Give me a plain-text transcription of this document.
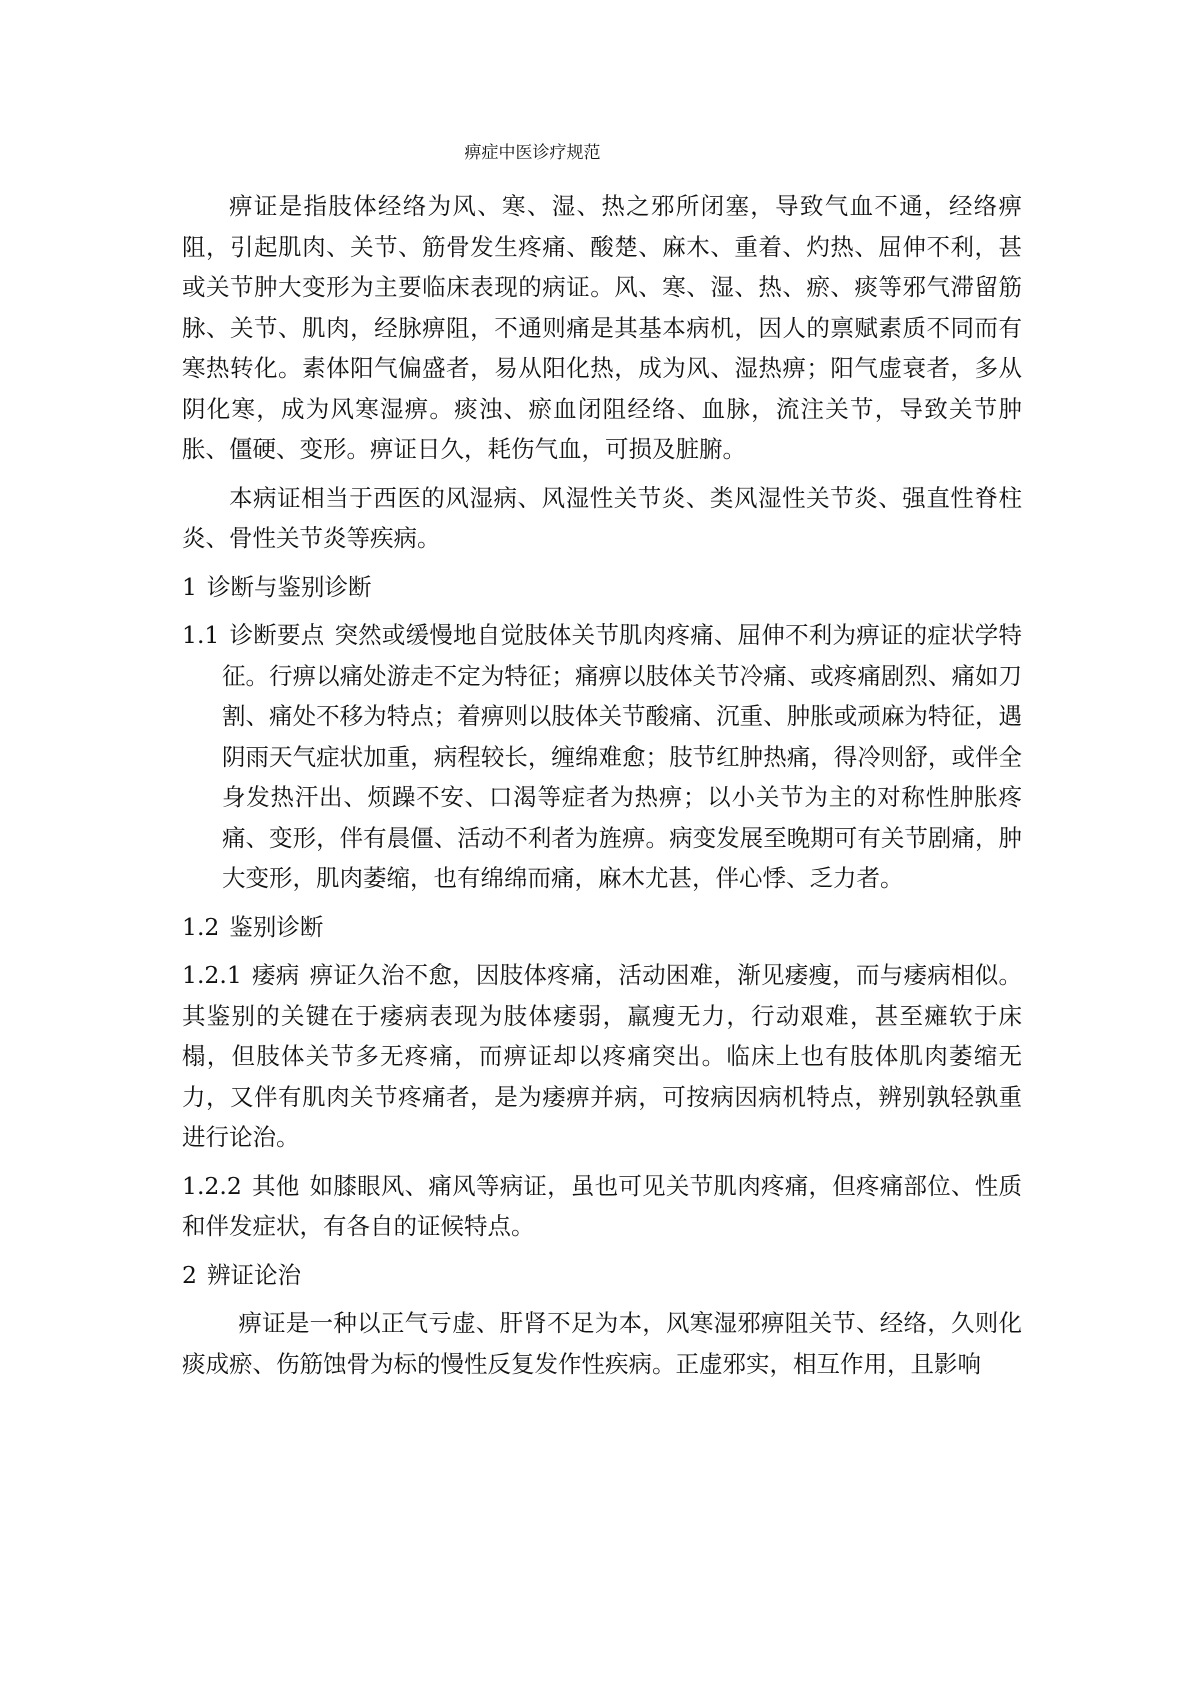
痹症中医诊疗规范

痹证是指肢体经络为风、寒、湿、热之邪所闭塞，导致气血不通，经络痹阻，引起肌肉、关节、筋骨发生疼痛、酸楚、麻木、重着、灼热、屈伸不利，甚或关节肿大变形为主要临床表现的病证。风、寒、湿、热、瘀、痰等邪气滞留筋脉、关节、肌肉，经脉痹阻，不通则痛是其基本病机，因人的禀赋素质不同而有寒热转化。素体阳气偏盛者，易从阳化热，成为风、湿热痹；阳气虚衰者，多从阴化寒，成为风寒湿痹。痰浊、瘀血闭阻经络、血脉，流注关节，导致关节肿胀、僵硬、变形。痹证日久，耗伤气血，可损及脏腑。

本病证相当于西医的风湿病、风湿性关节炎、类风湿性关节炎、强直性脊柱炎、骨性关节炎等疾病。

1 诊断与鉴别诊断

1.1 诊断要点 突然或缓慢地自觉肢体关节肌肉疼痛、屈伸不利为痹证的症状学特征。行痹以痛处游走不定为特征；痛痹以肢体关节冷痛、或疼痛剧烈、痛如刀割、痛处不移为特点；着痹则以肢体关节酸痛、沉重、肿胀或顽麻为特征，遇阴雨天气症状加重，病程较长，缠绵难愈；肢节红肿热痛，得冷则舒，或伴全身发热汗出、烦躁不安、口渴等症者为热痹；以小关节为主的对称性肿胀疼痛、变形，伴有晨僵、活动不利者为旌痹。病变发展至晚期可有关节剧痛，肿大变形，肌肉萎缩，也有绵绵而痛，麻木尤甚，伴心悸、乏力者。

1.2 鉴别诊断

1.2.1 痿病 痹证久治不愈，因肢体疼痛，活动困难，渐见痿瘦，而与痿病相似。其鉴别的关键在于痿病表现为肢体痿弱，羸瘦无力，行动艰难，甚至瘫软于床榻，但肢体关节多无疼痛，而痹证却以疼痛突出。临床上也有肢体肌肉萎缩无力，又伴有肌肉关节疼痛者，是为痿痹并病，可按病因病机特点，辨别孰轻孰重进行论治。

1.2.2 其他 如膝眼风、痛风等病证，虽也可见关节肌肉疼痛，但疼痛部位、性质和伴发症状，有各自的证候特点。

2 辨证论治

痹证是一种以正气亏虚、肝肾不足为本，风寒湿邪痹阻关节、经络，久则化痰成瘀、伤筋蚀骨为标的慢性反复发作性疾病。正虚邪实，相互作用，且影响
